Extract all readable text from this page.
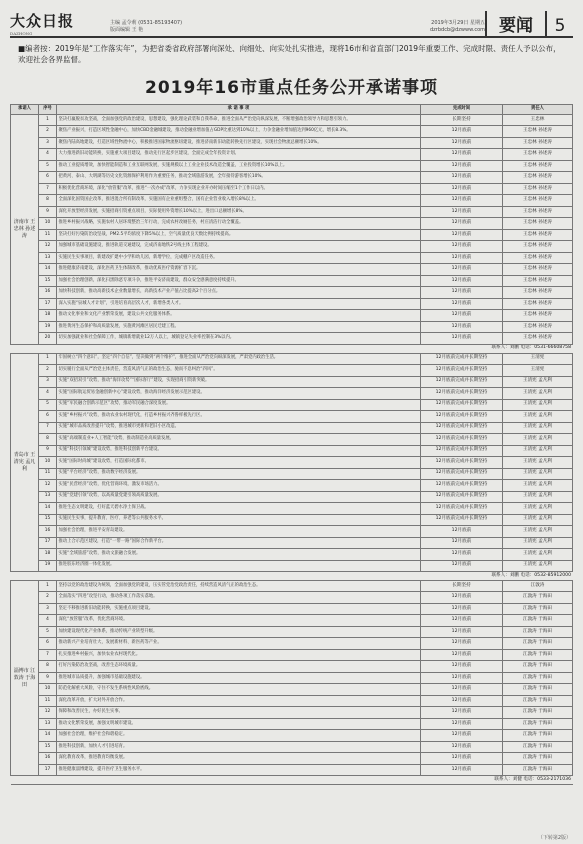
大众日报
DAZHONG
主编 孟令莉 (0531-85193407)	2019年3月29日 星期五
版面编辑 王 艳	dzrbdcb@dzwww.com 要闻	5
■编者按：2019年是“工作落实年”，为把省委省政府部署向深处、向细处、向实处扎实推进，现将16市和省直部门2019年重要工作、完成时限、责任人予以公布，欢迎社会各界监督。
2019年16市重点任务公开承诺事项
承诺人	序号	承 诺 事 项	完成时间	责任人
济南市 王忠林 孙述涛	1	坚决打赢脱贫攻坚战，全面加强党的政治建设、思想建设，强化理论武装和自我革命，推进全面从严治党向纵深发展，不断增强政治领导力和思想引领力。	长期坚持	王忠林
	2	聚焦产业振兴，打造区域性金融中心，加快CBD金融城建设，推动金融业增加值占GDP比重达到10%以上，力争金融业增加值达到960亿元，增长8.3%。	12月底前	王忠林 孙述涛
	3	聚焦内陆高地建设，打造区域性物流中心，积极推进国家物流枢纽建设，推进济南新旧动能转换先行区建设，实现社会物流总额增长10%。	12月底前	王忠林 孙述涛
	4	大力推进新旧动能转换，实施重大项目建设，推动先行区起步区建设，全面完成全年投资计划。	12月底前	王忠林 孙述涛
	5	推动工业提质增效，加快智能制造和工业互联网发展，实施规模以上工业企业技术改造全覆盖，工业投资增长10%以上。	12月底前	王忠林 孙述涛
	6	把黄河、泰山、大明湖等历史文化资源保护利用作为重要任务，推动全域旅游发展，全年接待游客增长10%。	12月底前	王忠林 孙述涛
	7	积极优化营商环境，深化“放管服”改革，推进“一次办成”改革，力争实现企业开办时间压缩至1个工作日以内。	12月底前	王忠林 孙述涛
	8	全面深化国资国企改革，推进混合所有制改革，实施国有企业重组整合，国有企业营业收入增长8%以上。	12月底前	王忠林 孙述涛
	9	深化开放型经济发展，实施招商引资重点项目，实际使用外资增长10%以上，进出口总额增长8%。	12月底前	王忠林 孙述涛
	10	推进乡村振兴战略，实施农村人居环境整治三年行动，完成农村改厕任务，村庄清洁行动全覆盖。	12月底前	王忠林 孙述涛
	11	坚决打好污染防治攻坚战，PM2.5平均浓度下降5%以上，空气质量优良天数比例持续提高。	12月底前	王忠林 孙述涛
	12	加强城市基础设施建设，推进轨道交通建设，完成济南地铁2号线主体工程建设。	12月底前	王忠林 孙述涛
	13	实施民生实事项目，新建改扩建中小学和幼儿园，新增学位，完成棚户区改造任务。	12月底前	王忠林 孙述涛
	14	推进健康济南建设，深化医药卫生体制改革，推动优质医疗资源扩容下沉。	12月底前	王忠林 孙述涛
	15	加强社会治理创新，深化扫黑除恶专项斗争，推进平安济南建设，群众安全感满意度持续提升。	12月底前	王忠林 孙述涛
	16	加快科技创新，推动高新技术企业数量增长，高新技术产业产值占比提高2个百分点。	12月底前	王忠林 孙述涛
	17	深入实施“泉城人才计划”，引进培育高层次人才，新增各类人才。	12月底前	王忠林 孙述涛
	18	推动文化事业和文化产业繁荣发展，建设公共文化服务体系。	12月底前	王忠林 孙述涛
	19	推进黄河生态保护和高质量发展，实施黄河滩区居民迁建工程。	12月底前	王忠林 孙述涛
	20	切实加强就业和社会保障工作，城镇新增就业12万人以上，城镇登记失业率控制在3%以内。	12月底前	王忠林 孙述涛
联系人：刘鹏 电话：0531-66608758				
青岛市 王清宪 孟凡利	1	牢固树立“四个意识”，坚定“四个自信”，坚决做到“两个维护”，推进全面从严治党向纵深发展，严肃党内政治生活。	12月底前完成并长期坚持	王清宪
	2	切实履行全面从严治党主体责任，营造风清气正的政治生态，驰而不息纠治“四风”。	12月底前完成并长期坚持	王清宪
	3	实施“双招双引”攻势，推动“海洋攻势”“国际客厅”建设，实现招商引资新突破。	12月底前完成并长期坚持	王清宪 孟凡利
	4	实施“国际航运贸易金融创新中心”建设攻势，推动海洋经济发展示范区建设。	12月底前完成并长期坚持	王清宪 孟凡利
	5	实施“军民融合创新示范区”攻势，推动军民融合深度发展。	12月底前完成并长期坚持	王清宪 孟凡利
	6	实施“乡村振兴”攻势，推动农业农村现代化，打造乡村振兴齐鲁样板先行区。	12月底前完成并长期坚持	王清宪 孟凡利
	7	实施“城市品质改善提升”攻势，推进城市更新和老旧小区改造。	12月底前完成并长期坚持	王清宪 孟凡利
	8	实施“高端制造业+人工智能”攻势，推动制造业高质量发展。	12月底前完成并长期坚持	王清宪 孟凡利
	9	实施“科技引领城”建设攻势，推进科技创新平台建设。	12月底前完成并长期坚持	王清宪 孟凡利
	10	实施“国际时尚城”建设攻势，打造国际化都市。	12月底前完成并长期坚持	王清宪 孟凡利
	11	实施“平台经济”攻势，推动数字经济发展。	12月底前完成并长期坚持	王清宪 孟凡利
	12	实施“民营经济”攻势，优化营商环境，激发市场活力。	12月底前完成并长期坚持	王清宪 孟凡利
	13	实施“党建引领”攻势，以高质量党建引领高质量发展。	12月底前完成并长期坚持	王清宪 孟凡利
	14	推进生态文明建设，打好蓝天碧水净土保卫战。	12月底前完成并长期坚持	王清宪 孟凡利
	15	实施民生实事，提升教育、医疗、养老等公共服务水平。	12月底前完成并长期坚持	王清宪 孟凡利
	16	加强社会治理，推进平安青岛建设。	12月底前	王清宪 孟凡利
	17	推动上合示范区建设，打造“一带一路”国际合作新平台。	12月底前	王清宪 孟凡利
	18	实施“全域旅游”攻势，推动文旅融合发展。	12月底前	王清宪 孟凡利
	19	推进胶东经济圈一体化发展。	12月底前	王清宪 孟凡利
联系人：刘鹏 电话：0532-85912000				
淄博市 江敦涛 于海田	1	坚持以党的政治建设为统领，全面加强党的建设，压实管党治党政治责任，持续营造风清气正的政治生态。	长期坚持	江敦涛
	2	全面落实“四进”攻坚行动，推动各项工作落实落地。	12月底前	江敦涛 于海田
	3	坚定不移推进新旧动能转换，实施重点项目建设。	12月底前	江敦涛 于海田
	4	深化“放管服”改革，优化营商环境。	12月底前	江敦涛 于海田
	5	加快建设现代化产业体系，推动传统产业转型升级。	12月底前	江敦涛 于海田
	6	推动新兴产业培育壮大，发展新材料、新医药等产业。	12月底前	江敦涛 于海田
	7	扎实推进乡村振兴，加快农业农村现代化。	12月底前	江敦涛 于海田
	8	打好污染防治攻坚战，改善生态环境质量。	12月底前	江敦涛 于海田
	9	推进城市品质提升，加强城市基础设施建设。	12月底前	江敦涛 于海田
	10	防范化解重大风险，守住不发生系统性风险底线。	12月底前	江敦涛 于海田
	11	深化改革开放，扩大对外开放合作。	12月底前	江敦涛 于海田
	12	保障和改善民生，办好民生实事。	12月底前	江敦涛 于海田
	13	推动文化繁荣发展，加强文明城市建设。	12月底前	江敦涛 于海田
	14	加强社会治理，维护社会和谐稳定。	12月底前	江敦涛 于海田
	15	推进科技创新，加快人才引进培育。	12月底前	江敦涛 于海田
	16	深化教育改革，推进教育均衡发展。	12月底前	江敦涛 于海田
	17	推进健康淄博建设，提升医疗卫生服务水平。	12月底前	江敦涛 于海田
联系人：刘健 电话：0533-2171036				
（下转第2版）
